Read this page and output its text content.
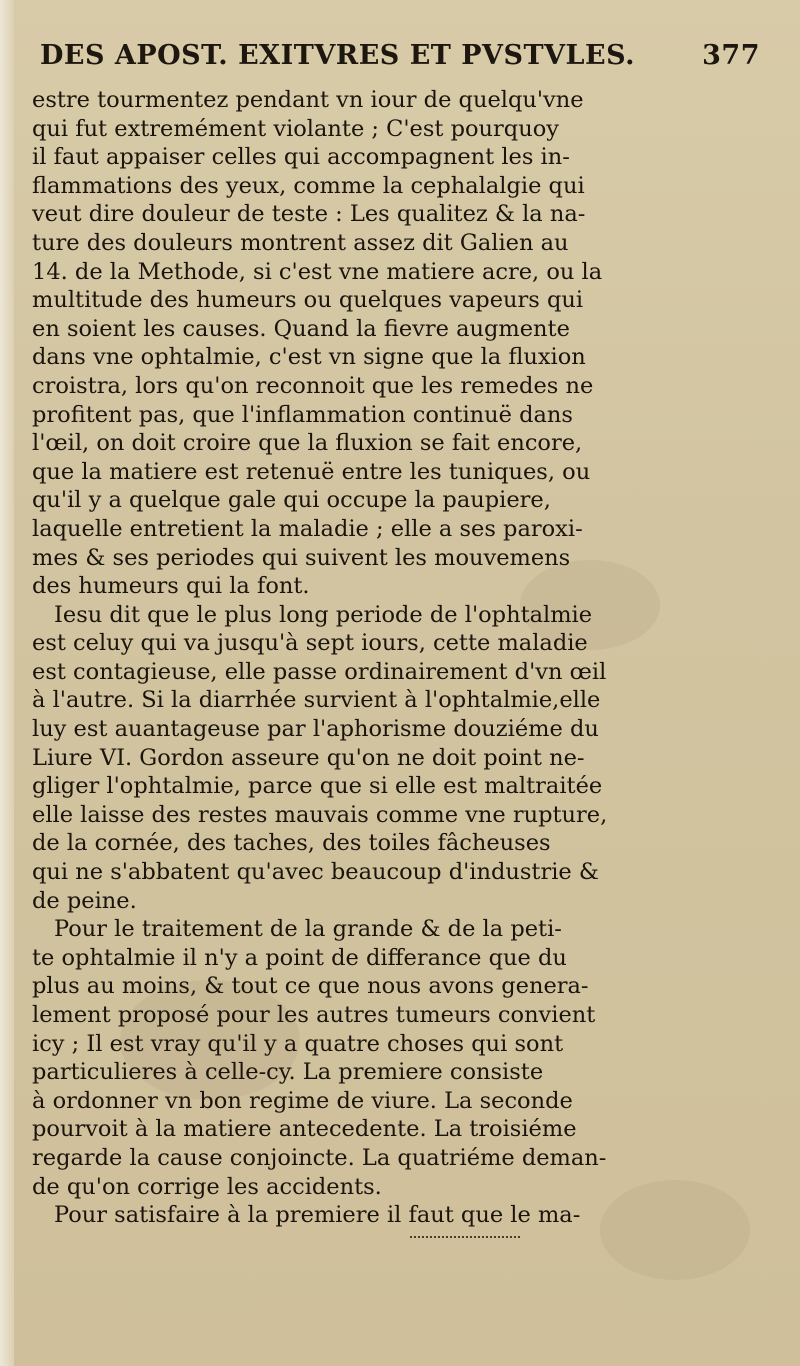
DES APOST. EXITVRES ET PVSTVLES. 377
estre tourmentez pendant vn iour de quelqu'vne
qui fut extremément violante ; C'est pourquoy
il faut appaiser celles qui accompagnent les in-
flammations des yeux, comme la cephalalgie qui
veut dire douleur de teste : Les qualitez & la na-
ture des douleurs montrent assez dit Galien au
14. de la Methode, si c'est vne matiere acre, ou la
multitude des humeurs ou quelques vapeurs qui
en soient les causes. Quand la fievre augmente
dans vne ophtalmie, c'est vn signe que la fluxion
croistra, lors qu'on reconnoit que les remedes ne
profitent pas, que l'inflammation continuë dans
l'œil, on doit croire que la fluxion se fait encore,
que la matiere est retenuë entre les tuniques, ou
qu'il y a quelque gale qui occupe la paupiere,
laquelle entretient la maladie ; elle a ses paroxi-
mes & ses periodes qui suivent les mouvemens
des humeurs qui la font.
Iesu dit que le plus long periode de l'ophtalmie
est celuy qui va jusqu'à sept iours, cette maladie
est contagieuse, elle passe ordinairement d'vn œil
à l'autre. Si la diarrhée survient à l'ophtalmie,elle
luy est auantageuse par l'aphorisme douziéme du
Liure VI. Gordon asseure qu'on ne doit point ne-
gliger l'ophtalmie, parce que si elle est maltraitée
elle laisse des restes mauvais comme vne rupture,
de la cornée, des taches, des toiles fâcheuses
qui ne s'abbatent qu'avec beaucoup d'industrie &
de peine.
Pour le traitement de la grande & de la peti-
te ophtalmie il n'y a point de differance que du
plus au moins, & tout ce que nous avons genera-
lement proposé pour les autres tumeurs convient
icy ; Il est vray qu'il y a quatre choses qui sont
particulieres à celle-cy. La premiere consiste
à ordonner vn bon regime de viure. La seconde
pourvoit à la matiere antecedente. La troisiéme
regarde la cause conjoincte. La quatriéme deman-
de qu'on corrige les accidents.
Pour satisfaire à la premiere il faut que le ma-
